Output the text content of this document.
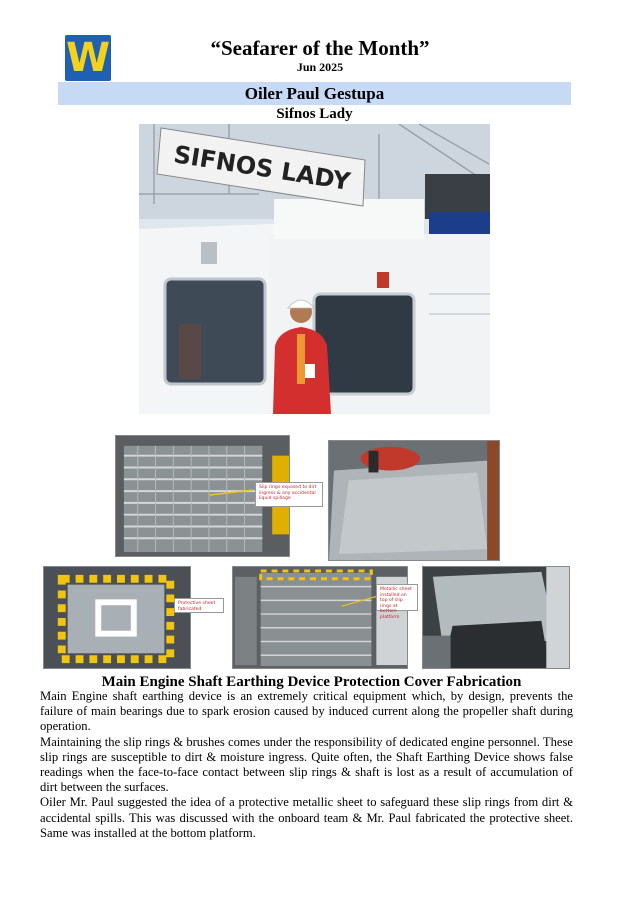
W	“Seafarer of the Month”
Jun 2025
Oiler Paul Gestupa
Sifnos Lady
SIFNOS LADY
Slip rings exposed to dirt ingress & any accidental liquid spillage
Protective sheet fabricated
Metallic sheet installed on top of slip rings at bottom platform
Main Engine Shaft Earthing Device Protection Cover Fabrication

Main Engine shaft earthing device is an extremely critical equipment which, by design, prevents the failure of main bearings due to spark erosion caused by induced current along the propeller shaft during operation.

Maintaining the slip rings & brushes comes under the responsibility of dedicated engine personnel. These slip rings are susceptible to dirt & moisture ingress. Quite often, the Shaft Earthing Device shows false readings when the face-to-face contact between slip rings & shaft is lost as a result of accumulation of dirt between the surfaces.

Oiler Mr. Paul suggested the idea of a protective metallic sheet to safeguard these slip rings from dirt & accidental spills. This was discussed with the onboard team & Mr. Paul fabricated the protective sheet. Same was installed at the bottom platform.
